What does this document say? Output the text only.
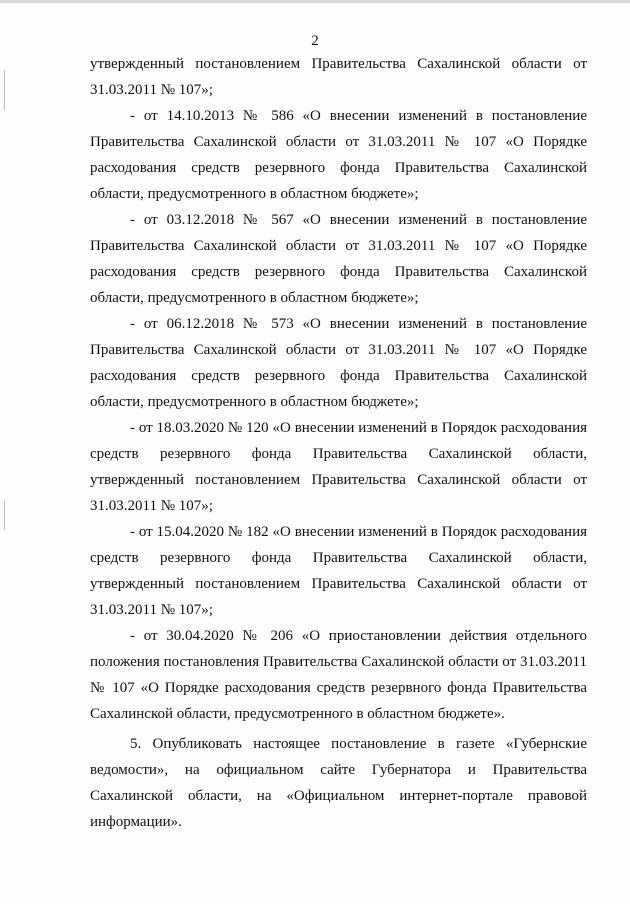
2

утвержденный постановлением Правительства Сахалинской области от 31.03.2011 № 107»;

- от 14.10.2013 № 586 «О внесении изменений в постановление Правительства Сахалинской области от 31.03.2011 № 107 «О Порядке расходования средств резервного фонда Правительства Сахалинской области, предусмотренного в областном бюджете»;

- от 03.12.2018 № 567 «О внесении изменений в постановление Правительства Сахалинской области от 31.03.2011 № 107 «О Порядке расходования средств резервного фонда Правительства Сахалинской области, предусмотренного в областном бюджете»;

- от 06.12.2018 № 573 «О внесении изменений в постановление Правительства Сахалинской области от 31.03.2011 № 107 «О Порядке расходования средств резервного фонда Правительства Сахалинской области, предусмотренного в областном бюджете»;

- от 18.03.2020 № 120 «О внесении изменений в Порядок расходования средств резервного фонда Правительства Сахалинской области, утвержденный постановлением Правительства Сахалинской области от 31.03.2011 № 107»;

- от 15.04.2020 № 182 «О внесении изменений в Порядок расходования средств резервного фонда Правительства Сахалинской области, утвержденный постановлением Правительства Сахалинской области от 31.03.2011 № 107»;

- от 30.04.2020 № 206 «О приостановлении действия отдельного положения постановления Правительства Сахалинской области от 31.03.2011 № 107 «О Порядке расходования средств резервного фонда Правительства Сахалинской области, предусмотренного в областном бюджете».

5. Опубликовать настоящее постановление в газете «Губернские ведомости», на официальном сайте Губернатора и Правительства Сахалинской области, на «Официальном интернет-портале правовой информации».
